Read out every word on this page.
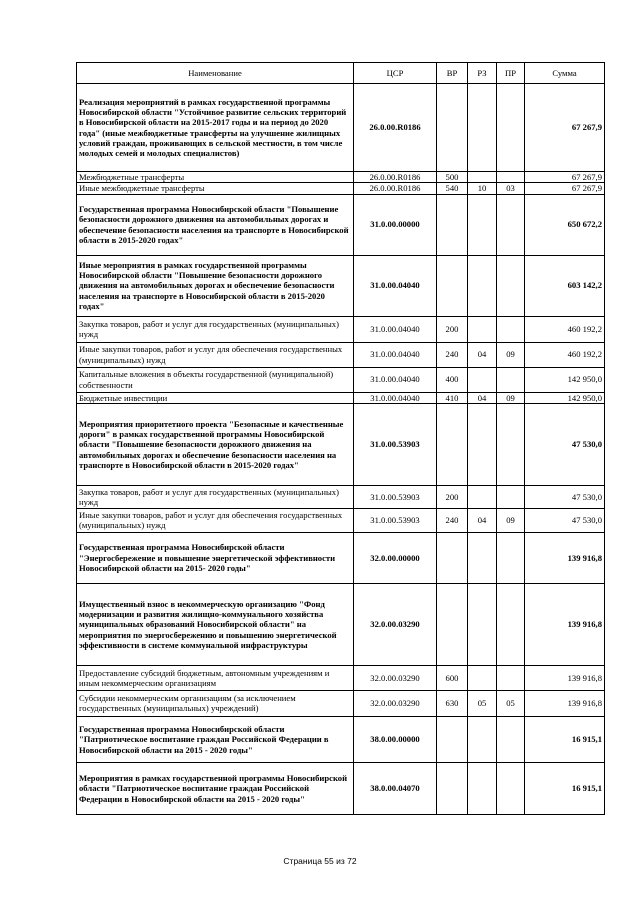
Наименование	ЦСР	ВР	РЗ	ПР	Сумма
Реализация мероприятий в рамках государственной программы Новосибирской области "Устойчивое развитие сельских территорий в Новосибирской области на 2015-2017 годы и на период до 2020 года" (иные межбюджетные трансферты на улучшение жилищных условий граждан, проживающих в сельской местности, в том числе молодых семей и молодых специалистов)	26.0.00.R0186				67 267,9
Межбюджетные трансферты	26.0.00.R0186	500			67 267,9
Иные межбюджетные трансферты	26.0.00.R0186	540	10	03	67 267,9
Государственная программа Новосибирской области "Повышение безопасности дорожного движения на автомобильных дорогах и обеспечение безопасности населения на транспорте в Новосибирской области в 2015-2020 годах"	31.0.00.00000				650 672,2
Иные мероприятия в рамках государственной программы Новосибирской области "Повышение безопасности дорожного движения на автомобильных дорогах и обеспечение безопасности населения на транспорте в Новосибирской области в 2015-2020 годах"	31.0.00.04040				603 142,2
Закупка товаров, работ и услуг для государственных (муниципальных) нужд	31.0.00.04040	200			460 192,2
Иные закупки товаров, работ и услуг для обеспечения государственных (муниципальных) нужд	31.0.00.04040	240	04	09	460 192,2
Капитальные вложения в объекты государственной (муниципальной) собственности	31.0.00.04040	400			142 950,0
Бюджетные инвестиции	31.0.00.04040	410	04	09	142 950,0
Мероприятия приоритетного проекта "Безопасные и качественные дороги" в рамках государственной программы Новосибирской области "Повышение безопасности дорожного движения на автомобильных дорогах и обеспечение безопасности населения на транспорте в Новосибирской области в 2015-2020 годах"	31.0.00.53903				47 530,0
Закупка товаров, работ и услуг для государственных (муниципальных) нужд	31.0.00.53903	200			47 530,0
Иные закупки товаров, работ и услуг для обеспечения государственных (муниципальных) нужд	31.0.00.53903	240	04	09	47 530,0
Государственная программа Новосибирской области "Энергосбережение и повышение энергетической эффективности Новосибирской области на 2015- 2020 годы"	32.0.00.00000				139 916,8
Имущественный взнос в некоммерческую организацию "Фонд модернизации и развития жилищно-коммунального хозяйства муниципальных образований Новосибирской области" на мероприятия по энергосбережению и повышению энергетической эффективности в системе коммунальной инфраструктуры	32.0.00.03290				139 916,8
Предоставление субсидий бюджетным, автономным учреждениям и иным некоммерческим организациям	32.0.00.03290	600			139 916,8
Субсидии некоммерческим организациям (за исключением государственных (муниципальных) учреждений)	32.0.00.03290	630	05	05	139 916,8
Государственная программа Новосибирской области "Патриотическое воспитание граждан Российской Федерации в Новосибирской области на 2015 - 2020 годы"	38.0.00.00000				16 915,1
Мероприятия в рамках государственной программы Новосибирской области "Патриотическое воспитание граждан Российской Федерации в Новосибирской области на 2015 - 2020 годы"	38.0.00.04070				16 915,1
Страница 55 из 72
